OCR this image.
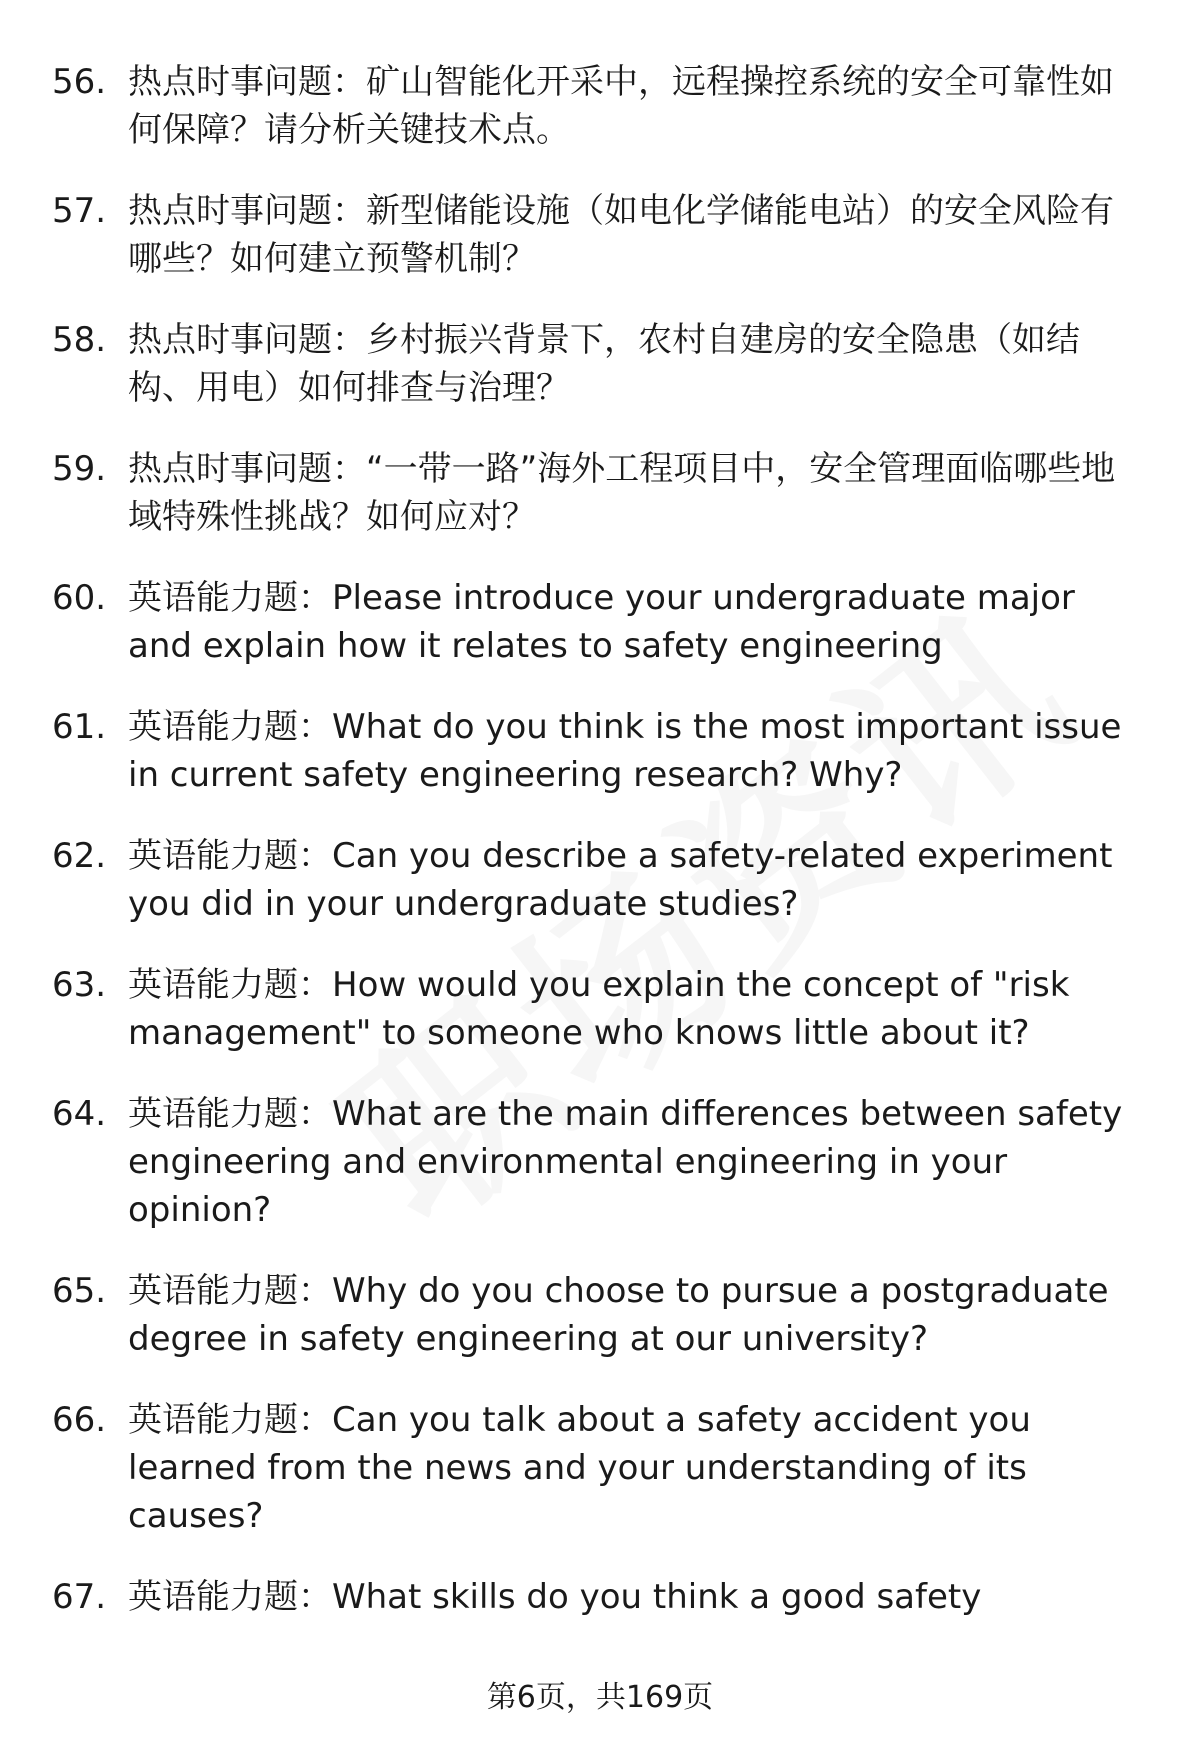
56. 热点时事问题：矿山智能化开采中，远程操控系统的安全可靠性如何保障？请分析关键技术点。
57. 热点时事问题：新型储能设施（如电化学储能电站）的安全风险有哪些？如何建立预警机制？
58. 热点时事问题：乡村振兴背景下，农村自建房的安全隐患（如结构、用电）如何排查与治理？
59. 热点时事问题：“一带一路”海外工程项目中，安全管理面临哪些地域特殊性挑战？如何应对？
60. 英语能力题：Please introduce your undergraduate major and explain how it relates to safety engineering
61. 英语能力题：What do you think is the most important issue in current safety engineering research? Why?
62. 英语能力题：Can you describe a safety-related experiment you did in your undergraduate studies?
63. 英语能力题：How would you explain the concept of "risk management" to someone who knows little about it?
64. 英语能力题：What are the main differences between safety engineering and environmental engineering in your opinion?
65. 英语能力题：Why do you choose to pursue a postgraduate degree in safety engineering at our university?
66. 英语能力题：Can you talk about a safety accident you learned from the news and your understanding of its causes?
67. 英语能力题：What skills do you think a good safety
第6页，共169页
